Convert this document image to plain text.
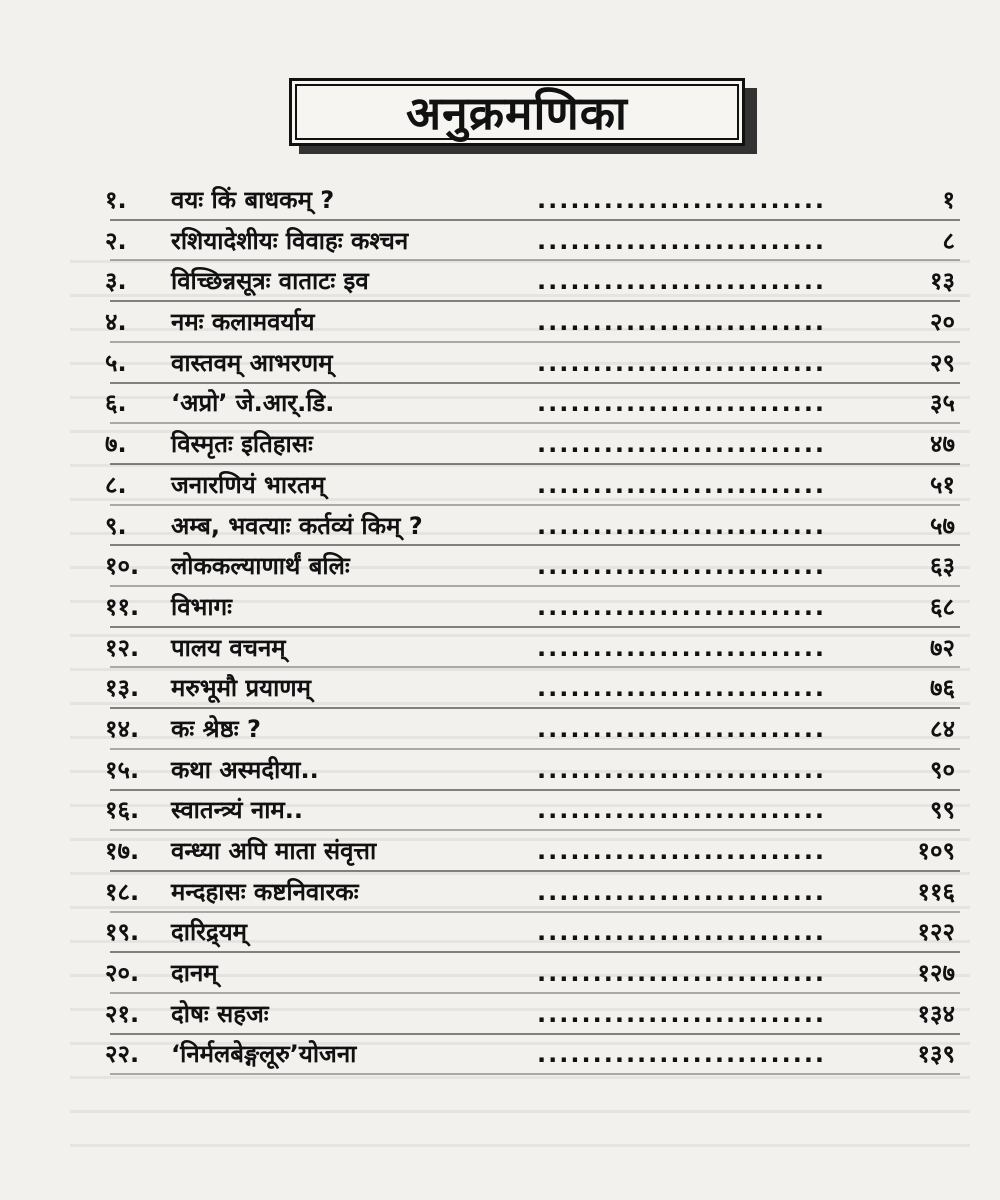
अनुक्रमणिका
१.	वयः किं बाधकम् ? .....	१
२.	रशियादेशीयः विवाहः कश्चन .....	८
३.	विच्छिन्नसूत्रः वाताटः इव .....	१३
४.	नमः कलामवर्याय .....	२०
५.	वास्तवम् आभरणम् .....	२९
६.	‘अप्रो’ जे.आर्.डि. .....	३५
७.	विस्मृतः इतिहासः .....	४७
८.	जनारणियं भारतम् .....	५१
९.	अम्ब, भवत्याः कर्तव्यं किम् ? .....	५७
१०.	लोककल्याणार्थं बलिः .....	६३
११.	विभागः .....	६८
१२.	पालय वचनम् .....	७२
१३.	मरुभूमौ प्रयाणम् .....	७६
१४.	कः श्रेष्ठः ? .....	८४
१५.	कथा अस्मदीया.. .....	९०
१६.	स्वातन्त्र्यं नाम.. .....	९९
१७.	वन्ध्या अपि माता संवृत्ता .....	१०९
१८.	मन्दहासः कष्टनिवारकः .....	११६
१९.	दारिद्र्यम् .....	१२२
२०.	दानम् .....	१२७
२१.	दोषः सहजः .....	१३४
२२.	‘निर्मलबेङ्गलूरु’योजना .....	१३९
